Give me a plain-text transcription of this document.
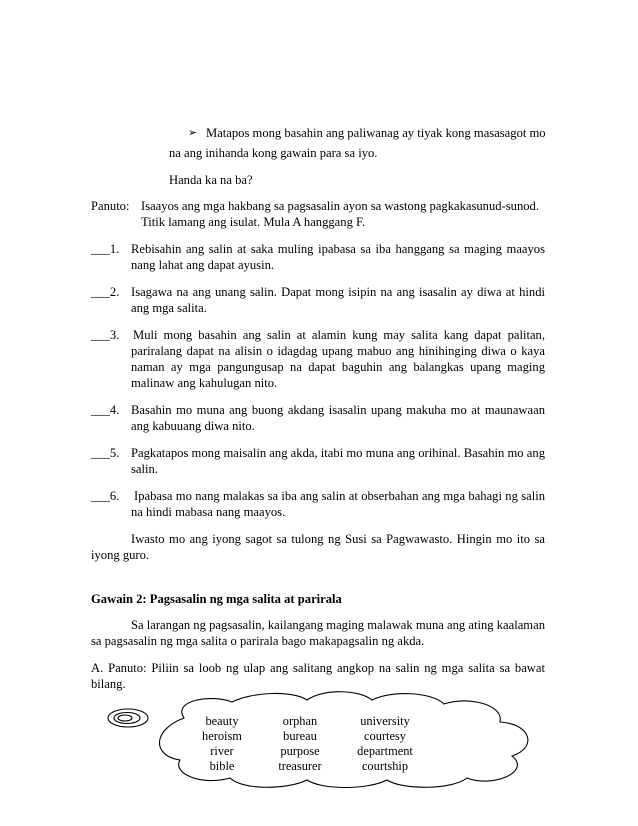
➢ Matapos mong basahin ang paliwanag ay tiyak kong masasagot mo
na ang inihanda kong gawain para sa iyo.
Handa ka na ba?
Panuto: Isaayos ang mga hakbang sa pagsasalin ayon sa wastong pagkakasunud-sunod.
Titik lamang ang isulat. Mula A hanggang F.
___1. Rebisahin ang salin at saka muling ipabasa sa iba hanggang sa maging maayos
nang lahat ang dapat ayusin.
___2. Isagawa na ang unang salin. Dapat mong isipin na ang isasalin ay diwa at hindi
ang mga salita.
___3. Muli mong basahin ang salin at alamin kung may salita kang dapat palitan,
pariralang dapat na alisin o idagdag upang mabuo ang hinihinging diwa o kaya
naman ay mga pangungusap na dapat baguhin ang balangkas upang maging
malinaw ang kahulugan nito.
___4. Basahin mo muna ang buong akdang isasalin upang makuha mo at maunawaan
ang kabuuang diwa nito.
___5. Pagkatapos mong maisalin ang akda, itabi mo muna ang orihinal. Basahin mo ang
salin.
___6. Ipabasa mo nang malakas sa iba ang salin at obserbahan ang mga bahagi ng salin
na hindi mabasa nang maayos.
Iwasto mo ang iyong sagot sa tulong ng Susi sa Pagwawasto. Hingin mo ito sa
iyong guro.
Gawain 2: Pagsasalin ng mga salita at parirala
Sa larangan ng pagsasalin, kailangang maging malawak muna ang ating kaalaman
sa pagsasalin ng mga salita o parirala bago makapagsalin ng akda.
A. Panuto: Piliin sa loob ng ulap ang salitang angkop na salin ng mga salita sa bawat
bilang.
beauty	orphan	university
heroism	bureau	courtesy
river	purpose	department
bible	treasurer	courtship
